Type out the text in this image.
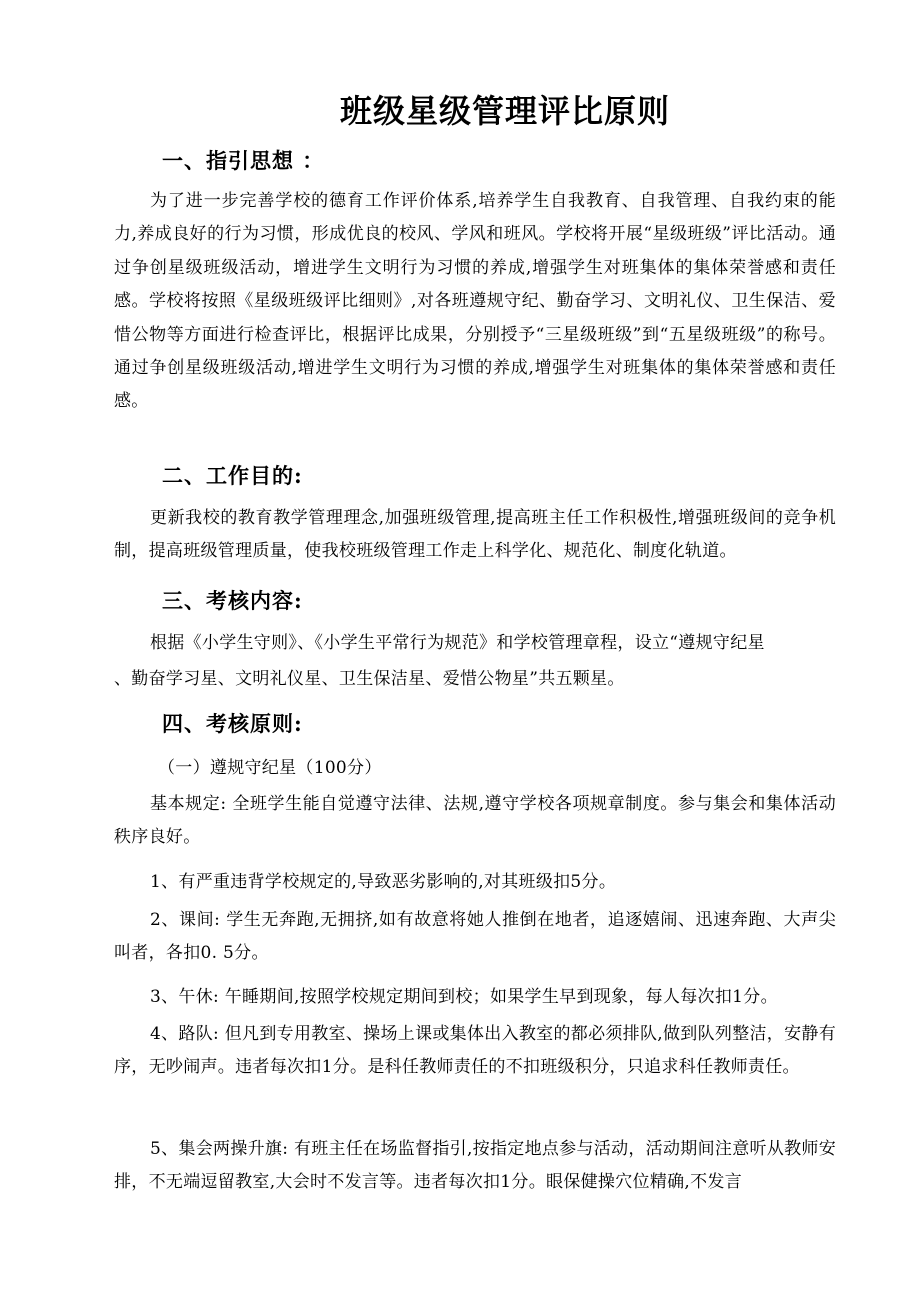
班级星级管理评比原则
一、指引思想 ：
为了进一步完善学校的德育工作评价体系,培养学生自我教育、自我管理、自我约束的能力,养成良好的行为习惯，形成优良的校风、学风和班风。学校将开展“星级班级”评比活动。通过争创星级班级活动，增进学生文明行为习惯的养成,增强学生对班集体的集体荣誉感和责任感。学校将按照《星级班级评比细则》,对各班遵规守纪、勤奋学习、文明礼仪、卫生保洁、爱惜公物等方面进行检查评比，根据评比成果，分别授予“三星级班级”到“五星级班级”的称号。通过争创星级班级活动,增进学生文明行为习惯的养成,增强学生对班集体的集体荣誉感和责任感。
二、工作目的:
更新我校的教育教学管理理念,加强班级管理,提高班主任工作积极性,增强班级间的竞争机制，提高班级管理质量，使我校班级管理工作走上科学化、规范化、制度化轨道。
三、考核内容:
根据《小学生守则》、《小学生平常行为规范》和学校管理章程，设立“遵规守纪星
、勤奋学习星、文明礼仪星、卫生保洁星、爱惜公物星”共五颗星。
四、考核原则:
（一）遵规守纪星（100分）
基本规定: 全班学生能自觉遵守法律、法规,遵守学校各项规章制度。参与集会和集体活动秩序良好。
1、有严重违背学校规定的,导致恶劣影响的,对其班级扣5分。
2、课间: 学生无奔跑,无拥挤,如有故意将她人推倒在地者，追逐嬉闹、迅速奔跑、大声尖叫者，各扣0. 5分。
3、午休: 午睡期间,按照学校规定期间到校；如果学生早到现象，每人每次扣1分。
4、路队: 但凡到专用教室、操场上课或集体出入教室的都必须排队,做到队列整洁，安静有序，无吵闹声。违者每次扣1分。是科任教师责任的不扣班级积分，只追求科任教师责任。
5、集会两操升旗: 有班主任在场监督指引,按指定地点参与活动，活动期间注意听从教师安排，不无端逗留教室,大会时不发言等。违者每次扣1分。眼保健操穴位精确,不发言
